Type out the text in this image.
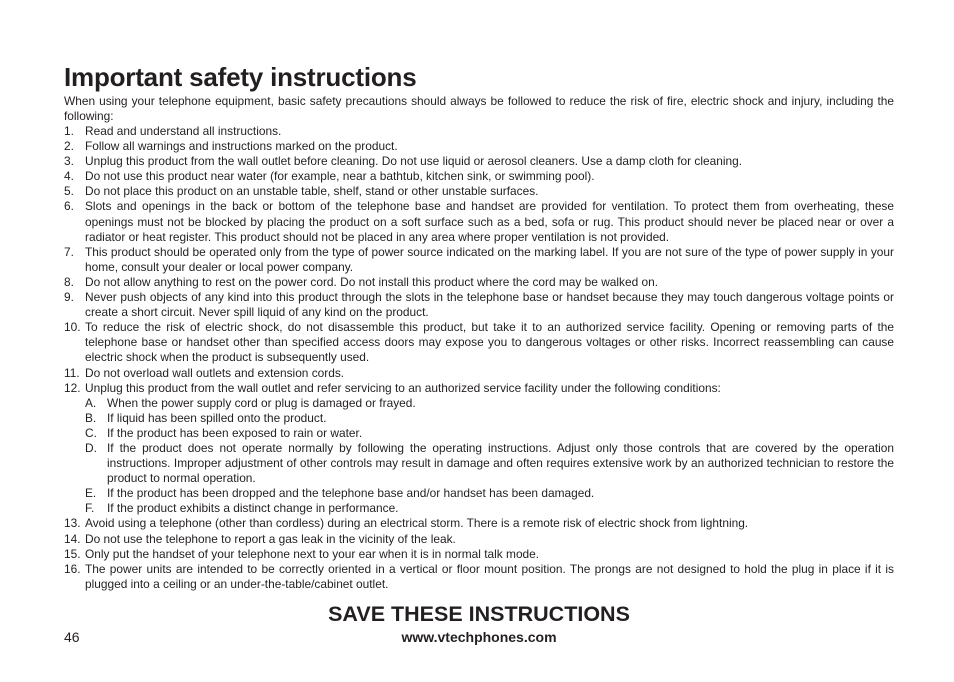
Important safety instructions

When using your telephone equipment, basic safety precautions should always be followed to reduce the risk of fire, electric shock and injury, including the following:

1. Read and understand all instructions.
2. Follow all warnings and instructions marked on the product.
3. Unplug this product from the wall outlet before cleaning. Do not use liquid or aerosol cleaners. Use a damp cloth for cleaning.
4. Do not use this product near water (for example, near a bathtub, kitchen sink, or swimming pool).
5. Do not place this product on an unstable table, shelf, stand or other unstable surfaces.
6. Slots and openings in the back or bottom of the telephone base and handset are provided for ventilation. To protect them from overheating, these openings must not be blocked by placing the product on a soft surface such as a bed, sofa or rug. This product should never be placed near or over a radiator or heat register. This product should not be placed in any area where proper ventilation is not provided.
7. This product should be operated only from the type of power source indicated on the marking label. If you are not sure of the type of power supply in your home, consult your dealer or local power company.
8. Do not allow anything to rest on the power cord. Do not install this product where the cord may be walked on.
9. Never push objects of any kind into this product through the slots in the telephone base or handset because they may touch dangerous voltage points or create a short circuit. Never spill liquid of any kind on the product.
10. To reduce the risk of electric shock, do not disassemble this product, but take it to an authorized service facility. Opening or removing parts of the telephone base or handset other than specified access doors may expose you to dangerous voltages or other risks. Incorrect reassembling can cause electric shock when the product is subsequently used.
11. Do not overload wall outlets and extension cords.
12. Unplug this product from the wall outlet and refer servicing to an authorized service facility under the following conditions:
A. When the power supply cord or plug is damaged or frayed.
B. If liquid has been spilled onto the product.
C. If the product has been exposed to rain or water.
D. If the product does not operate normally by following the operating instructions. Adjust only those controls that are covered by the operation instructions. Improper adjustment of other controls may result in damage and often requires extensive work by an authorized technician to restore the product to normal operation.
E. If the product has been dropped and the telephone base and/or handset has been damaged.
F. If the product exhibits a distinct change in performance.
13. Avoid using a telephone (other than cordless) during an electrical storm. There is a remote risk of electric shock from lightning.
14. Do not use the telephone to report a gas leak in the vicinity of the leak.
15. Only put the handset of your telephone next to your ear when it is in normal talk mode.
16. The power units are intended to be correctly oriented in a vertical or floor mount position. The prongs are not designed to hold the plug in place if it is plugged into a ceiling or an under-the-table/cabinet outlet.
SAVE THESE INSTRUCTIONS
46	www.vtechphones.com
